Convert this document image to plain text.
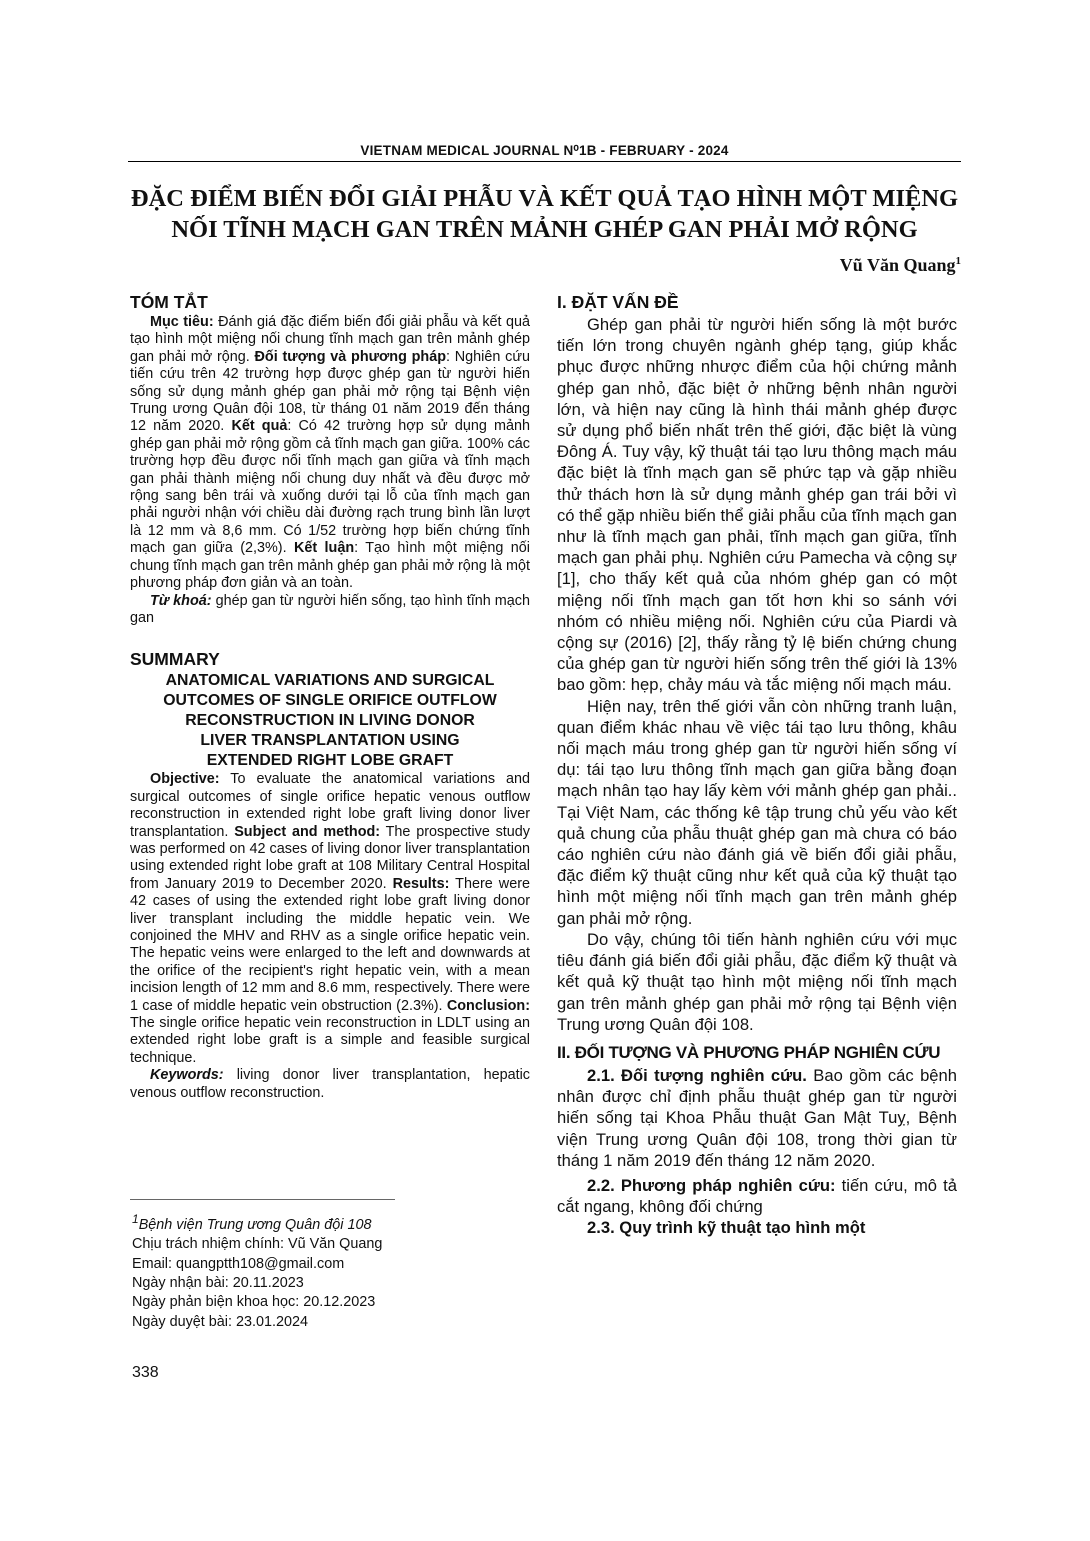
VIETNAM MEDICAL JOURNAL N⁰1B - FEBRUARY - 2024
ĐẶC ĐIỂM BIẾN ĐỔI GIẢI PHẪU VÀ KẾT QUẢ TẠO HÌNH MỘT MIỆNG
NỐI TĨNH MẠCH GAN TRÊN MẢNH GHÉP GAN PHẢI MỞ RỘNG
Vũ Văn Quang$^1$
TÓM TẮT

Mục tiêu: Đánh giá đặc điểm biến đổi giải phẫu và kết quả tạo hình một miệng nối chung tĩnh mạch gan trên mảnh ghép gan phải mở rộng. Đối tượng và phương pháp: Nghiên cứu tiến cứu trên 42 trường hợp được ghép gan từ người hiến sống sử dụng mảnh ghép gan phải mở rộng tại Bệnh viện Trung ương Quân đội 108, từ tháng 01 năm 2019 đến tháng 12 năm 2020. Kết quả: Có 42 trường hợp sử dụng mảnh ghép gan phải mở rộng gồm cả tĩnh mạch gan giữa. 100% các trường hợp đều được nối tĩnh mạch gan giữa và tĩnh mạch gan phải thành miệng nối chung duy nhất và đều được mở rộng sang bên trái và xuống dưới tại lỗ của tĩnh mạch gan phải người nhận với chiều dài đường rạch trung bình lần lượt là 12 mm và 8,6 mm. Có 1/52 trường hợp biến chứng tĩnh mạch gan giữa (2,3%). Kết luận: Tạo hình một miệng nối chung tĩnh mạch gan trên mảnh ghép gan phải mở rộng là một phương pháp đơn giản và an toàn.

Từ khoá: ghép gan từ người hiến sống, tạo hình tĩnh mạch gan

SUMMARY

ANATOMICAL VARIATIONS AND SURGICAL

OUTCOMES OF SINGLE ORIFICE OUTFLOW

RECONSTRUCTION IN LIVING DONOR

LIVER TRANSPLANTATION USING

EXTENDED RIGHT LOBE GRAFT

Objective: To evaluate the anatomical variations and surgical outcomes of single orifice hepatic venous outflow reconstruction in extended right lobe graft living donor liver transplantation. Subject and method: The prospective study was performed on 42 cases of living donor liver transplantation using extended right lobe graft at 108 Military Central Hospital from January 2019 to December 2020. Results: There were 42 cases of using the extended right lobe graft living donor liver transplant including the middle hepatic vein. We conjoined the MHV and RHV as a single orifice hepatic vein. The hepatic veins were enlarged to the left and downwards at the orifice of the recipient's right hepatic vein, with a mean incision length of 12 mm and 8.6 mm, respectively. There were 1 case of middle hepatic vein obstruction (2.3%). Conclusion: The single orifice hepatic vein reconstruction in LDLT using an extended right lobe graft is a simple and feasible surgical technique.

Keywords: living donor liver transplantation, hepatic venous outflow reconstruction.

$^1$Bệnh viện Trung ương Quân đội 108
Chịu trách nhiệm chính: Vũ Văn Quang
Email: quangptth108@gmail.com
Ngày nhận bài: 20.11.2023
Ngày phản biện khoa học: 20.12.2023
Ngày duyệt bài: 23.01.2024
338
I. ĐẶT VẤN ĐỀ

Ghép gan phải từ người hiến sống là một bước tiến lớn trong chuyên ngành ghép tạng, giúp khắc phục được những nhược điểm của hội chứng mảnh ghép gan nhỏ, đặc biệt ở những bệnh nhân người lớn, và hiện nay cũng là hình thái mảnh ghép được sử dụng phổ biến nhất trên thế giới, đặc biệt là vùng Đông Á. Tuy vậy, kỹ thuật tái tạo lưu thông mạch máu đặc biệt là tĩnh mạch gan sẽ phức tạp và gặp nhiều thử thách hơn là sử dụng mảnh ghép gan trái bởi vì có thể gặp nhiều biến thể giải phẫu của tĩnh mạch gan như là tĩnh mạch gan phải, tĩnh mạch gan giữa, tĩnh mạch gan phải phụ. Nghiên cứu Pamecha và cộng sự [1], cho thấy kết quả của nhóm ghép gan có một miệng nối tĩnh mạch gan tốt hơn khi so sánh với nhóm có nhiều miệng nối. Nghiên cứu của Piardi và cộng sự (2016) [2], thấy rằng tỷ lệ biến chứng chung của ghép gan từ người hiến sống trên thế giới là 13% bao gồm: hẹp, chảy máu và tắc miệng nối mạch máu.

Hiện nay, trên thế giới vẫn còn những tranh luận, quan điểm khác nhau về việc tái tạo lưu thông, khâu nối mạch máu trong ghép gan từ người hiến sống ví dụ: tái tạo lưu thông tĩnh mạch gan giữa bằng đoạn mạch nhân tạo hay lấy kèm với mảnh ghép gan phải.. Tại Việt Nam, các thống kê tập trung chủ yếu vào kết quả chung của phẫu thuật ghép gan mà chưa có báo cáo nghiên cứu nào đánh giá về biến đổi giải phẫu, đặc điểm kỹ thuật cũng như kết quả của kỹ thuật tạo hình một miệng nối tĩnh mạch gan trên mảnh ghép gan phải mở rộng.

Do vậy, chúng tôi tiến hành nghiên cứu với mục tiêu đánh giá biến đổi giải phẫu, đặc điểm kỹ thuật và kết quả kỹ thuật tạo hình một miệng nối tĩnh mạch gan trên mảnh ghép gan phải mở rộng tại Bệnh viện Trung ương Quân đội 108.

II. ĐỐI TƯỢNG VÀ PHƯƠNG PHÁP NGHIÊN CỨU

2.1. Đối tượng nghiên cứu. Bao gồm các bệnh nhân được chỉ định phẫu thuật ghép gan từ người hiến sống tại Khoa Phẫu thuật Gan Mật Tuỵ, Bệnh viện Trung ương Quân đội 108, trong thời gian từ tháng 1 năm 2019 đến tháng 12 năm 2020.

2.2. Phương pháp nghiên cứu: tiến cứu, mô tả cắt ngang, không đối chứng

2.3. Quy trình kỹ thuật tạo hình một
